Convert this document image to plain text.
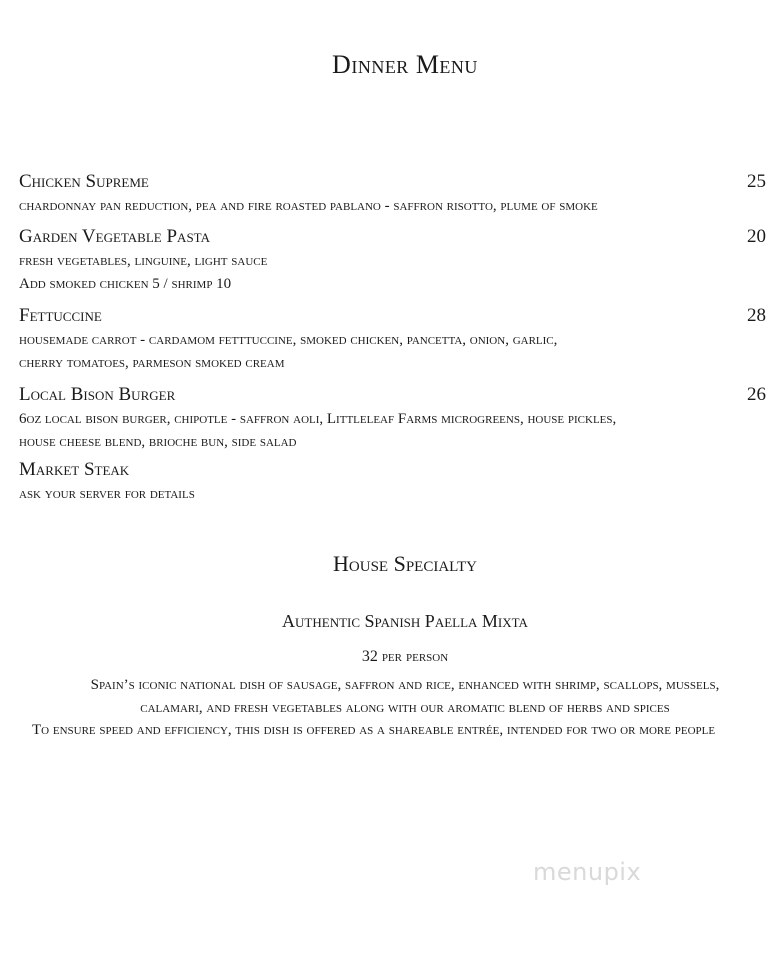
Dinner Menu
Chicken Supreme	25
chardonnay pan reduction, pea and fire roasted pablano - saffron risotto, plume of smoke
Garden Vegetable Pasta	20
fresh vegetables, linguine, light sauce
Add smoked chicken 5 / shrimp 10
Fettuccine	28
housemade carrot - cardamom fetttuccine, smoked chicken, pancetta, onion, garlic,
cherry tomatoes, parmeson smoked cream
Local Bison Burger	26
6oz local bison burger, chipotle - saffron aoli, Littleleaf Farms microgreens, house pickles,
house cheese blend, brioche bun, side salad
Market Steak
ask your server for details
House Specialty
Authentic Spanish Paella Mixta
32 per person
Spain’s iconic national dish of sausage, saffron and rice, enhanced with shrimp, scallops, mussels,
calamari, and fresh vegetables along with our aromatic blend of herbs and spices
To ensure speed and efficiency, this dish is offered as a shareable entrée, intended for two or more people
menupix
